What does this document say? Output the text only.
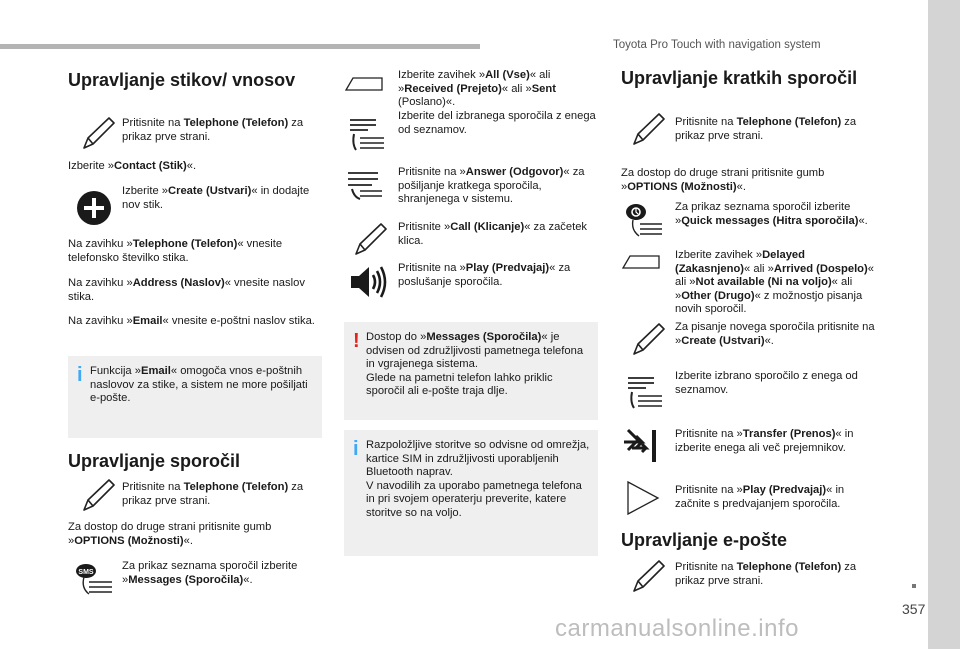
Toyota Pro Touch with navigation system
Upravljanje stikov/ vnosov
Pritisnite na Telephone (Telefon) za prikaz prve strani.
Izberite »Contact (Stik)«.
Izberite »Create (Ustvari)« in dodajte nov stik.
Na zavihku »Telephone (Telefon)« vnesite telefonsko številko stika.
Na zavihku »Address (Naslov)« vnesite naslov stika.
Na zavihku »Email« vnesite e-poštni naslov stika.
i Funkcija »Email« omogoča vnos e-poštnih naslovov za stike, a sistem ne more pošiljati e-pošte.
Upravljanje sporočil
Pritisnite na Telephone (Telefon) za prikaz prve strani.
Za dostop do druge strani pritisnite gumb »OPTIONS (Možnosti)«.
SMS
Za prikaz seznama sporočil izberite »Messages (Sporočila)«.
Izberite zavihek »All (Vse)« ali »Received (Prejeto)« ali »Sent (Poslano)«.
Izberite del izbranega sporočila z enega od seznamov.
Pritisnite na »Answer (Odgovor)« za pošiljanje kratkega sporočila, shranjenega v sistemu.
Pritisnite »Call (Klicanje)« za začetek klica.
Pritisnite na »Play (Predvajaj)« za poslušanje sporočila.
! Dostop do »Messages (Sporočila)« je odvisen od združljivosti pametnega telefona in vgrajenega sistema.
Glede na pametni telefon lahko priklic sporočil ali e-pošte traja dlje.
i Razpoložljive storitve so odvisne od omrežja, kartice SIM in združljivosti uporabljenih Bluetooth naprav.
V navodilih za uporabo pametnega telefona in pri svojem operaterju preverite, katere storitve so na voljo.
Upravljanje kratkih sporočil
Pritisnite na Telephone (Telefon) za prikaz prve strani.
Za dostop do druge strani pritisnite gumb »OPTIONS (Možnosti)«.
Za prikaz seznama sporočil izberite »Quick messages (Hitra sporočila)«.
Izberite zavihek »Delayed (Zakasnjeno)« ali »Arrived (Dospelo)« ali »Not available (Ni na voljo)« ali »Other (Drugo)« z možnostjo pisanja novih sporočil.
Za pisanje novega sporočila pritisnite na »Create (Ustvari)«.
Izberite izbrano sporočilo z enega od seznamov.
Pritisnite na »Transfer (Prenos)« in izberite enega ali več prejemnikov.
Pritisnite na »Play (Predvajaj)« in začnite s predvajanjem sporočila.
Upravljanje e-pošte
Pritisnite na Telephone (Telefon) za prikaz prve strani.
357
carmanualsonline.info
